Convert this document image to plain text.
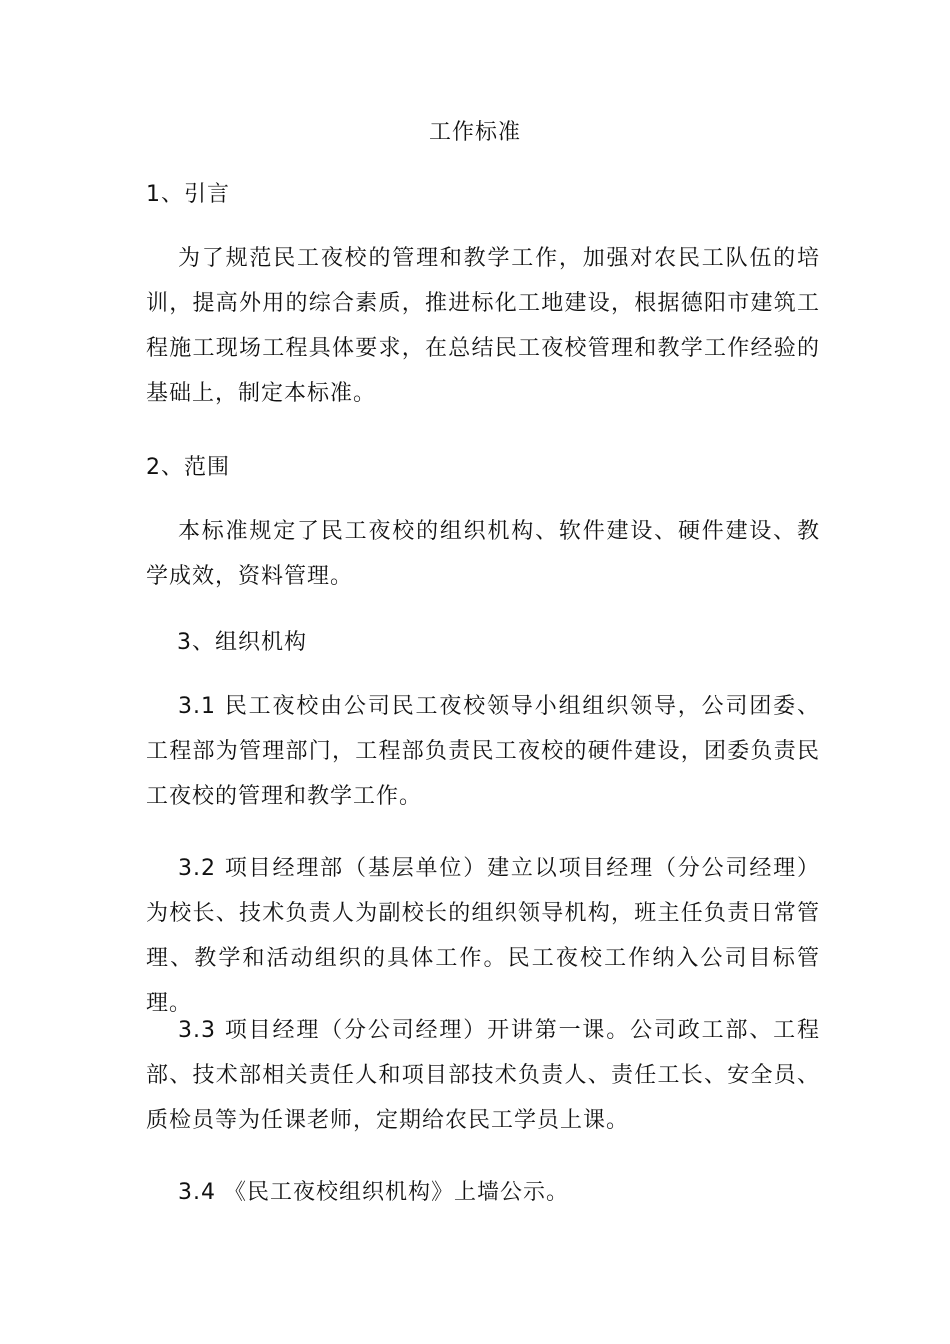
工作标准
1、引言

为了规范民工夜校的管理和教学工作，加强对农民工队伍的培训，提高外用的综合素质，推进标化工地建设，根据德阳市建筑工程施工现场工程具体要求，在总结民工夜校管理和教学工作经验的基础上，制定本标准。

2、范围

本标准规定了民工夜校的组织机构、软件建设、硬件建设、教学成效，资料管理。

3、组织机构

3.1 民工夜校由公司民工夜校领导小组组织领导，公司团委、工程部为管理部门，工程部负责民工夜校的硬件建设，团委负责民工夜校的管理和教学工作。

3.2 项目经理部（基层单位）建立以项目经理（分公司经理）为校长、技术负责人为副校长的组织领导机构，班主任负责日常管理、教学和活动组织的具体工作。民工夜校工作纳入公司目标管理。

3.3 项目经理（分公司经理）开讲第一课。公司政工部、工程部、技术部相关责任人和项目部技术负责人、责任工长、安全员、质检员等为任课老师，定期给农民工学员上课。

3.4 《民工夜校组织机构》上墙公示。
